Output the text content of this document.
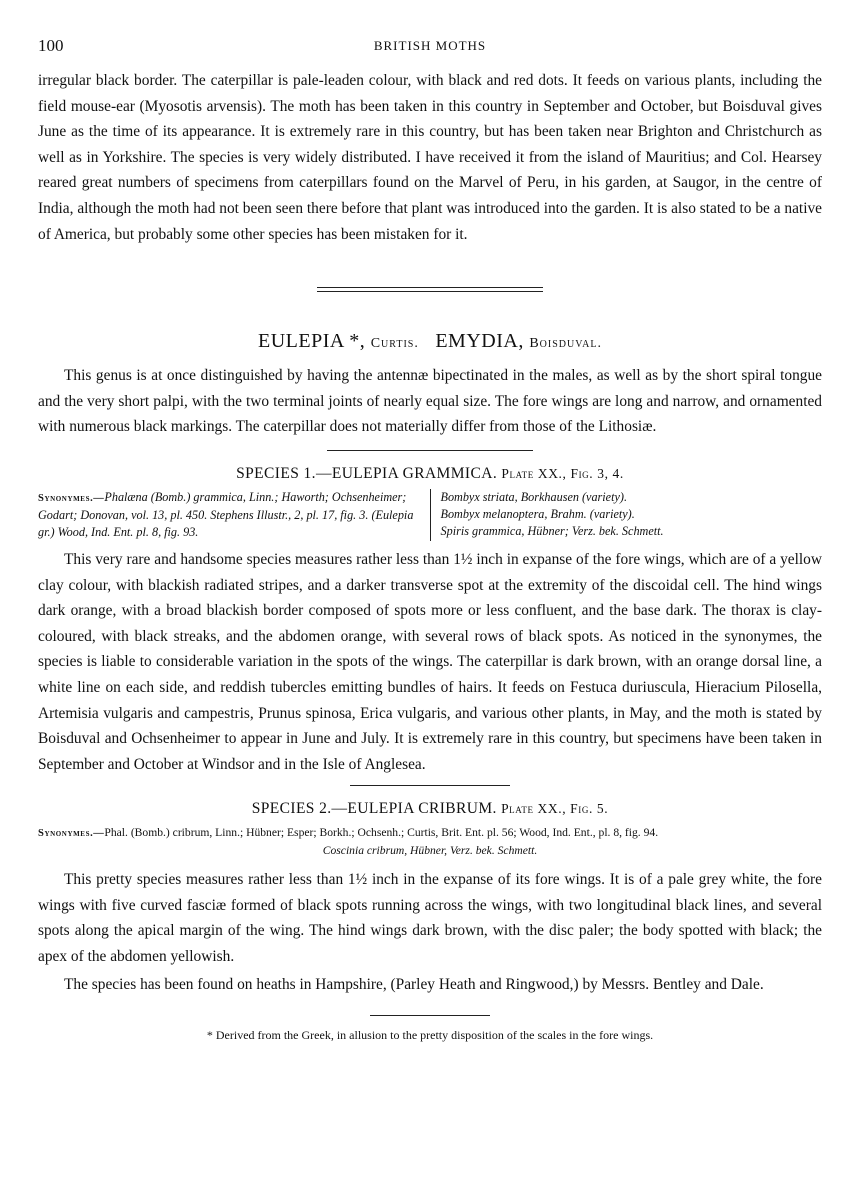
100	BRITISH MOTHS

irregular black border. The caterpillar is pale-leaden colour, with black and red dots. It feeds on various plants, including the field mouse-ear (Myosotis arvensis). The moth has been taken in this country in September and October, but Boisduval gives June as the time of its appearance. It is extremely rare in this country, but has been taken near Brighton and Christchurch as well as in Yorkshire. The species is very widely distributed. I have received it from the island of Mauritius; and Col. Hearsey reared great numbers of specimens from caterpillars found on the Marvel of Peru, in his garden, at Saugor, in the centre of India, although the moth had not been seen there before that plant was introduced into the garden. It is also stated to be a native of America, but probably some other species has been mistaken for it.

EULEPIA *, Curtis. EMYDIA, Boisduval.

This genus is at once distinguished by having the antennæ bipectinated in the males, as well as by the short spiral tongue and the very short palpi, with the two terminal joints of nearly equal size. The fore wings are long and narrow, and ornamented with numerous black markings. The caterpillar does not materially differ from those of the Lithosiæ.

SPECIES 1.—EULEPIA GRAMMICA. Plate XX., Fig. 3, 4.
Synonymes.—Phalæna (Bomb.) grammica, Linn.; Haworth; Ochsenheimer; Godart; Donovan, vol. 13, pl. 450. Stephens Illustr., 2, pl. 17, fig. 3. (Eulepia gr.) Wood, Ind. Ent. pl. 8, fig. 93.
Bombyx striata, Borkhausen (variety).
Bombyx melanoptera, Brahm. (variety).
Spiris grammica, Hübner; Verz. bek. Schmett.

This very rare and handsome species measures rather less than 1½ inch in expanse of the fore wings, which are of a yellow clay colour, with blackish radiated stripes, and a darker transverse spot at the extremity of the discoidal cell. The hind wings dark orange, with a broad blackish border composed of spots more or less confluent, and the base dark. The thorax is clay-coloured, with black streaks, and the abdomen orange, with several rows of black spots. As noticed in the synonymes, the species is liable to considerable variation in the spots of the wings. The caterpillar is dark brown, with an orange dorsal line, a white line on each side, and reddish tubercles emitting bundles of hairs. It feeds on Festuca duriuscula, Hieracium Pilosella, Artemisia vulgaris and campestris, Prunus spinosa, Erica vulgaris, and various other plants, in May, and the moth is stated by Boisduval and Ochsenheimer to appear in June and July. It is extremely rare in this country, but specimens have been taken in September and October at Windsor and in the Isle of Anglesea.

SPECIES 2.—EULEPIA CRIBRUM. Plate XX., Fig. 5.

Synonymes.—Phal. (Bomb.) cribrum, Linn.; Hübner; Esper; Borkh.; Ochsenh.; Curtis, Brit. Ent. pl. 56; Wood, Ind. Ent., pl. 8, fig. 94.

Coscinia cribrum, Hübner, Verz. bek. Schmett.

This pretty species measures rather less than 1½ inch in the expanse of its fore wings. It is of a pale grey white, the fore wings with five curved fasciæ formed of black spots running across the wings, with two longitudinal black lines, and several spots along the apical margin of the wing. The hind wings dark brown, with the disc paler; the body spotted with black; the apex of the abdomen yellowish.

The species has been found on heaths in Hampshire, (Parley Heath and Ringwood,) by Messrs. Bentley and Dale.

* Derived from the Greek, in allusion to the pretty disposition of the scales in the fore wings.
